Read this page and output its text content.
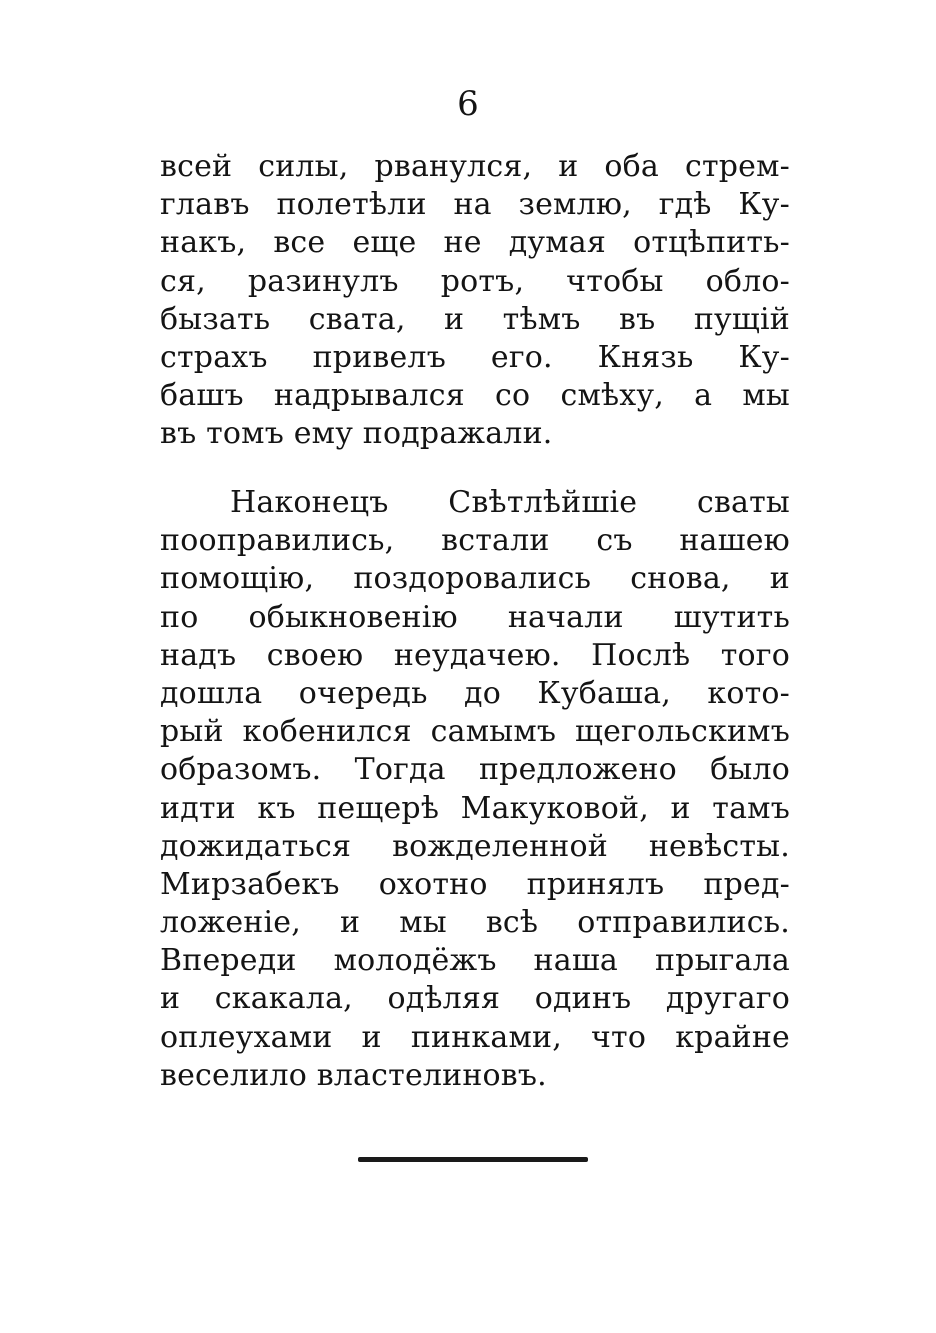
6
всей силы, рванулся, и оба стрем-
главъ полетѣли на землю, гдѣ Ку-
накъ, все еще не думая отцѣпить-
ся, разинулъ ротъ, чтобы обло-
бызать свата, и тѣмъ въ пущій
страхъ привелъ его. Князь Ку-
башъ надрывался со смѣху, а мы
въ томъ ему подражали.
Наконецъ Свѣтлѣйшіе сваты
пооправились, встали съ нашею
помощію, поздоровались снова, и
по обыкновенію начали шутить
надъ своею неудачею. Послѣ того
дошла очередь до Кубаша, кото-
рый кобенился самымъ щегольскимъ
образомъ. Тогда предложено было
идти къ пещерѣ Макуковой, и тамъ
дожидаться вожделенной невѣсты.
Мирзабекъ охотно принялъ пред-
ложеніе, и мы всѣ отправились.
Впереди молодёжъ наша прыгала
и скакала, одѣляя одинъ другаго
оплеухами и пинками, что крайне
веселило властелиновъ.
